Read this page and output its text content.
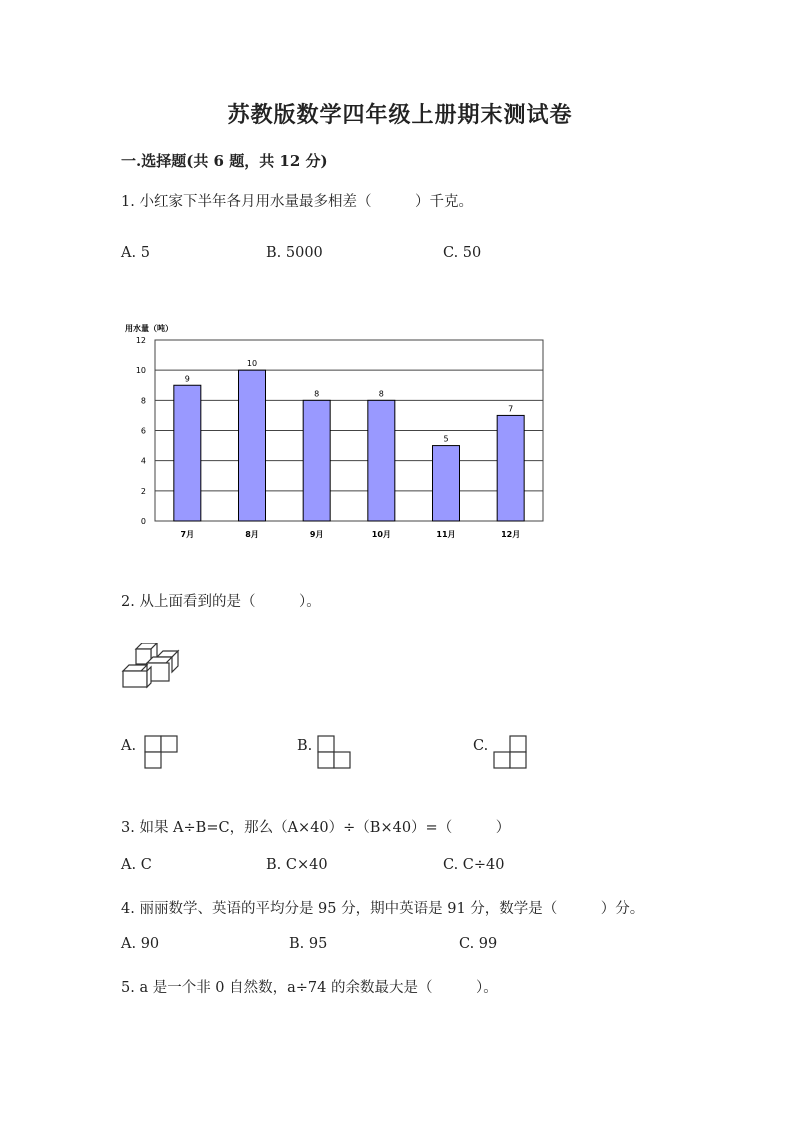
苏教版数学四年级上册期末测试卷
一.选择题(共 6 题，共 12 分)
1. 小红家下半年各月用水量最多相差（　　　）千克。
A. 5	B. 5000	C. 50
用水量（吨）
0
2
4
6
8
10
12
9
7月
10
8月
8
9月
8
10月
5
11月
7
12月
2. 从上面看到的是（　　　）。
A.	B.	C.
3. 如果 A÷B=C，那么（A×40）÷（B×40）=（　　　）
A. C	B. C×40	C. C÷40
4. 丽丽数学、英语的平均分是 95 分，期中英语是 91 分，数学是（　　　）分。
A. 90	B. 95	C. 99
5. a 是一个非 0 自然数，a÷74 的余数最大是（　　　）。
